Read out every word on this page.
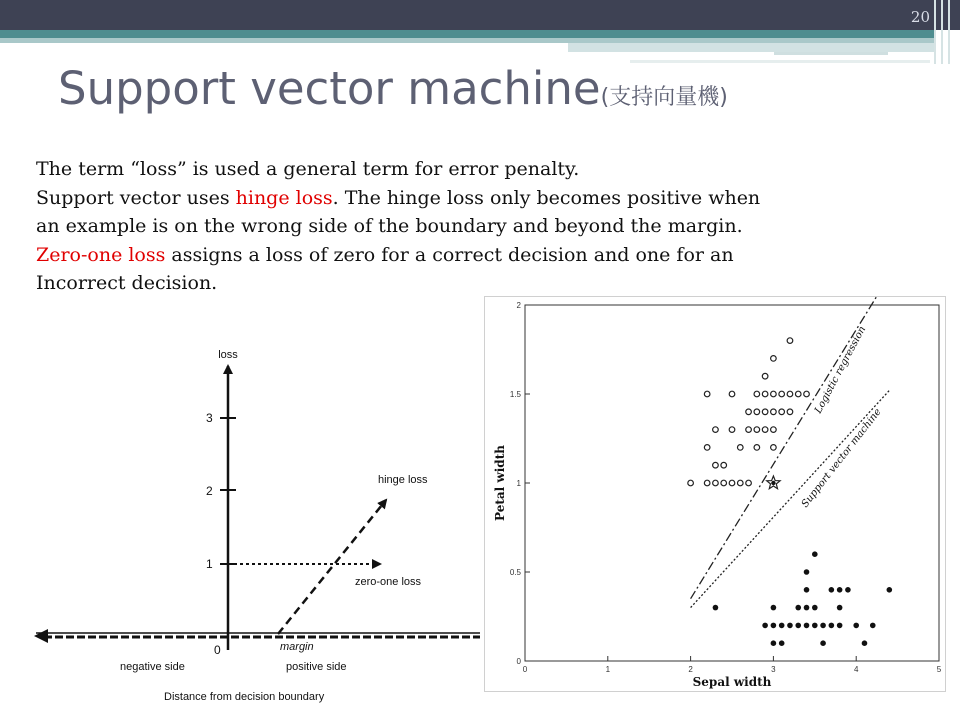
20
Support vector machine(支持向量機)
The term “loss” is used a general term for error penalty.
Support vector uses hinge loss. The hinge loss only becomes positive when
an example is on the wrong side of the boundary and beyond the margin.
Zero-one loss assigns a loss of zero for a correct decision and one for an
Incorrect decision.
loss
3
2
1
0
hinge loss
zero-one loss
margin
negative side	positive side
Distance from decision boundary
0	1	2	3	4	5
0
0.5
1
1.5
2
Sepal width
Petal width
Logistic regression
Support vector machine
